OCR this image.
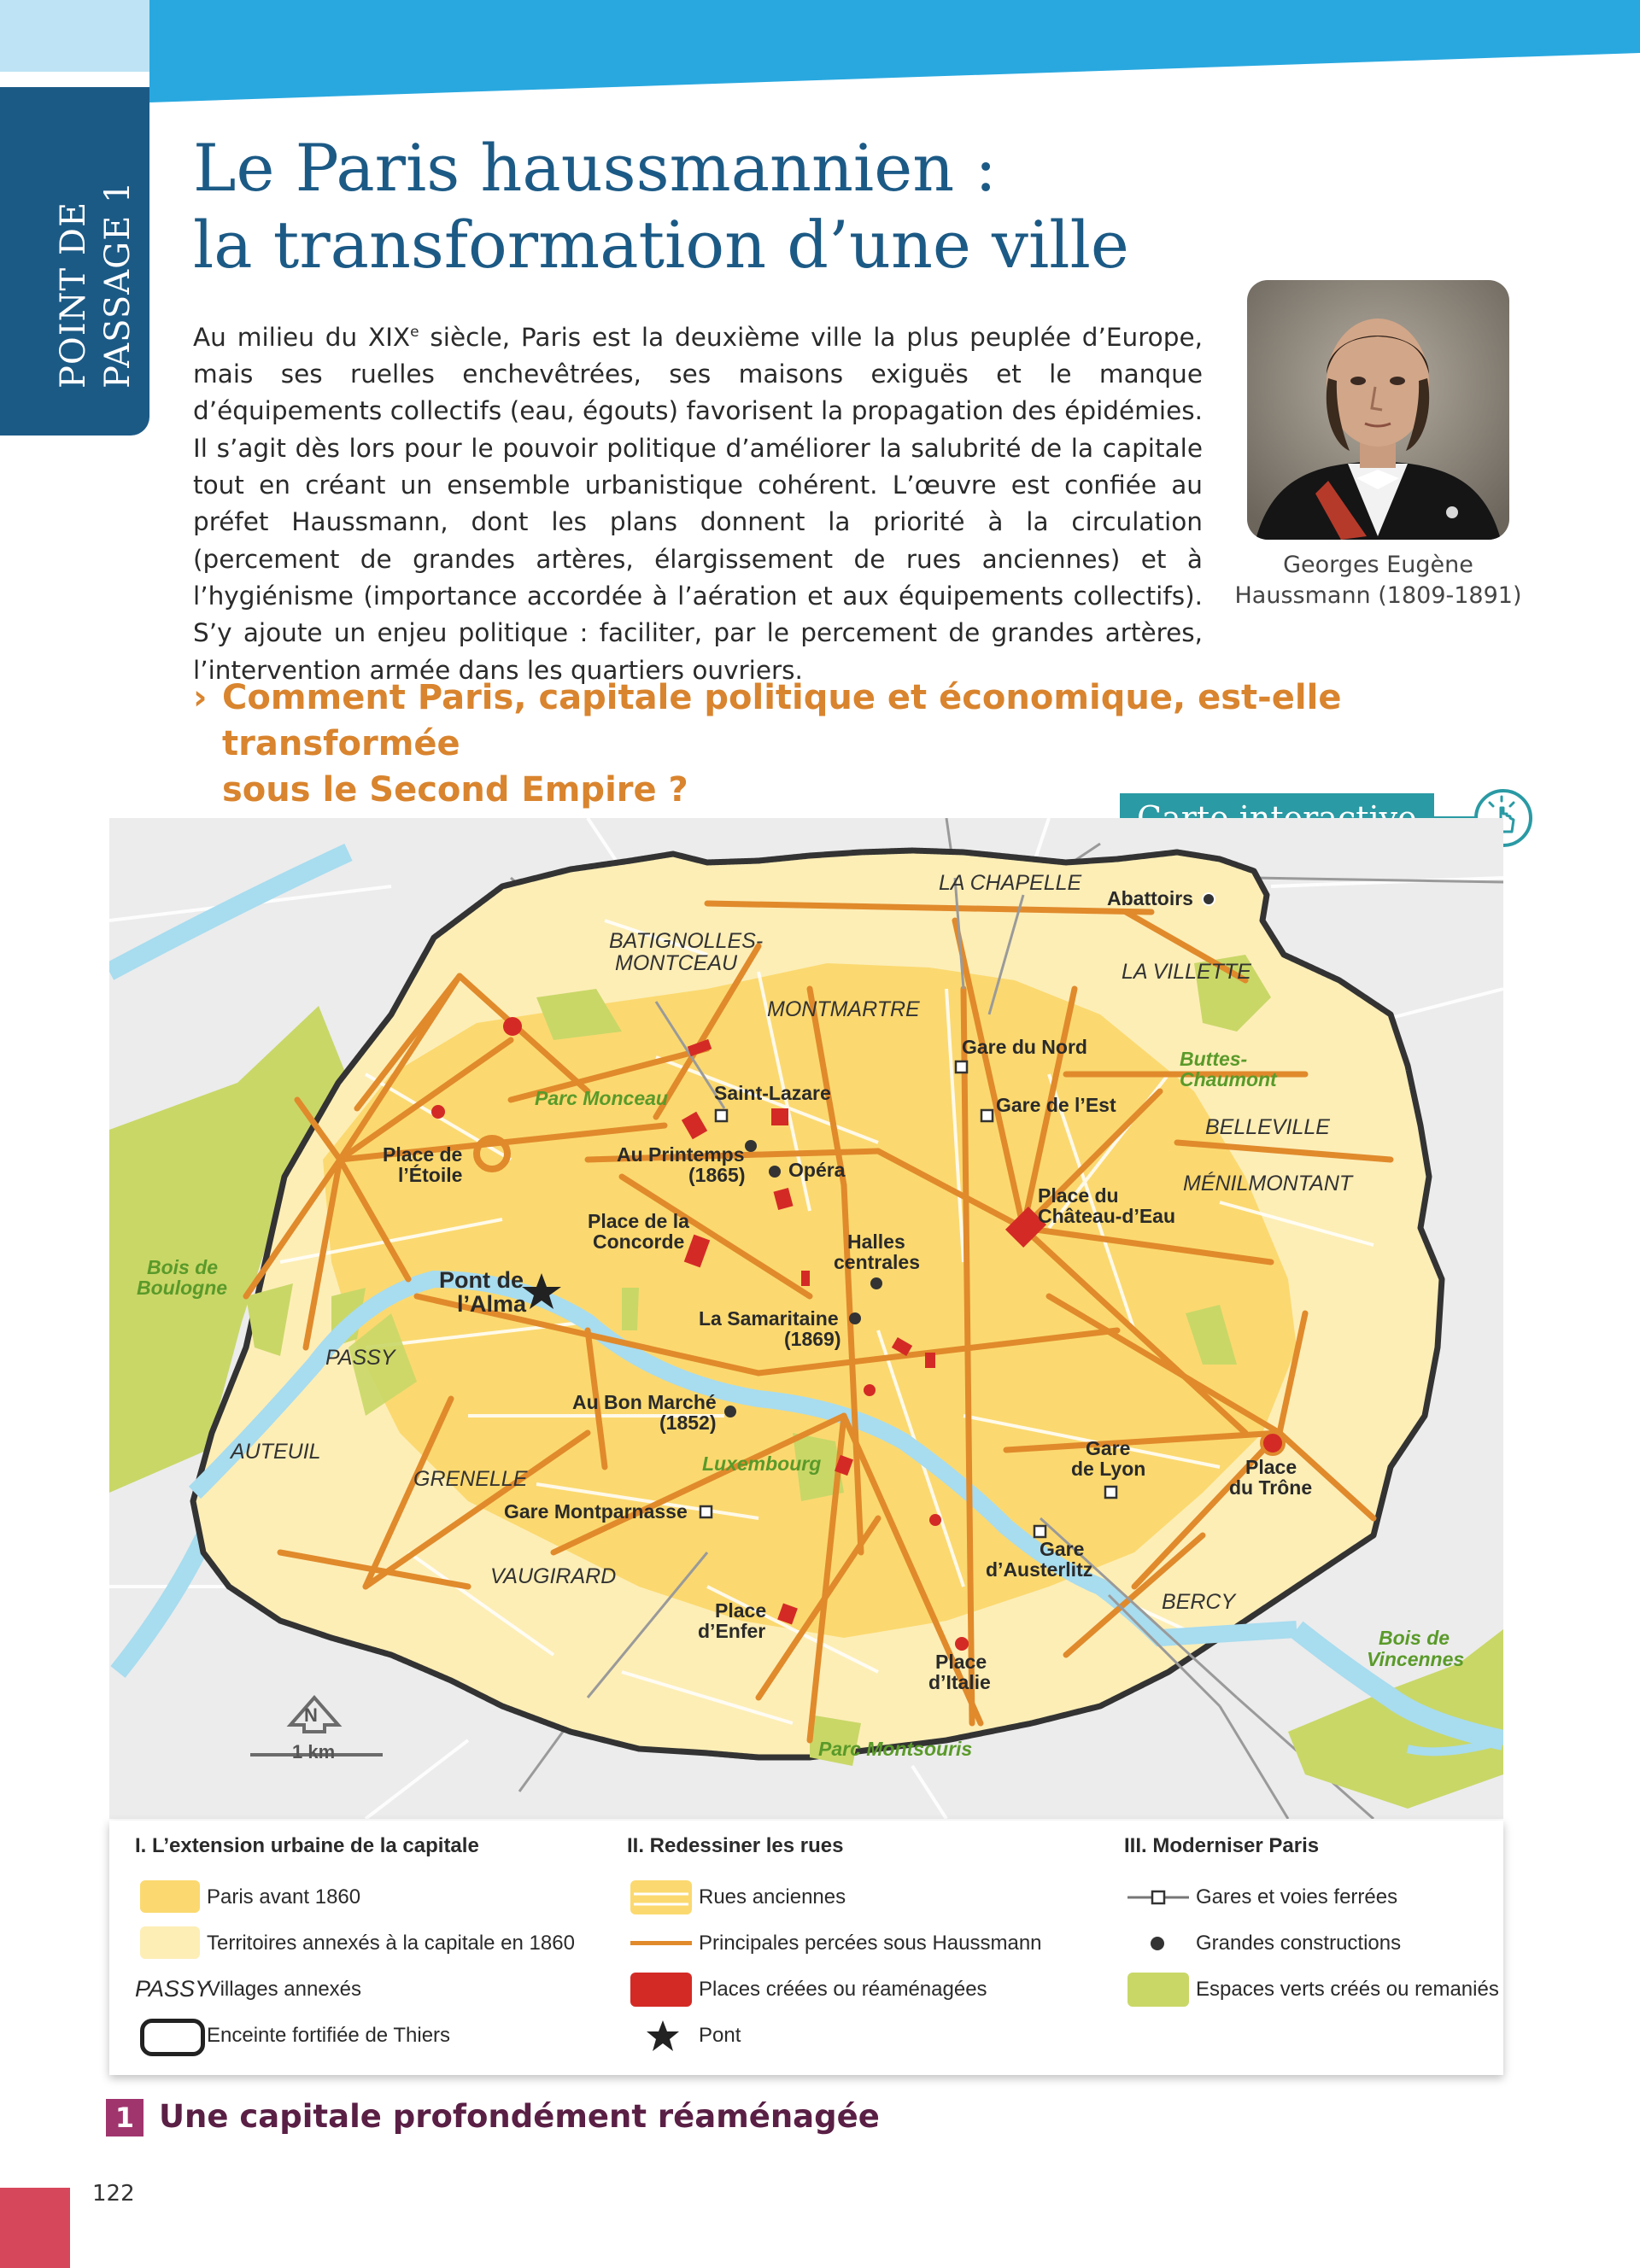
POINT DE PASSAGE 1
Le Paris haussmannien :
la transformation d’une ville

Au milieu du XIXe siècle, Paris est la deuxième ville la plus peuplée d’Europe, mais ses ruelles enchevêtrées, ses maisons exiguës et le manque d’équipements collectifs (eau, égouts) favorisent la propagation des épidémies. Il s’agit dès lors pour le pouvoir politique d’améliorer la salubrité de la capitale tout en créant un ensemble urbanistique cohérent. L’œuvre est confiée au préfet Haussmann, dont les plans donnent la priorité à la circulation (percement de grandes artères, élargissement de rues anciennes) et à l’hygiénisme (importance accordée à l’aération et aux équipements collectifs). S’y ajoute un enjeu politique : faciliter, par le percement de grandes artères, l’intervention armée dans les quartiers ouvriers.

Georges Eugène
Haussmann (1809-1891)
› Comment Paris, capitale politique et économique, est-elle transformée
sous le Second Empire ?
LA CHAPELLE
BATIGNOLLES-
MONTCEAU
MONTMARTRE
LA VILLETTE
BELLEVILLE
MÉNILMONTANT
PASSY
AUTEUIL
GRENELLE
VAUGIRARD
BERCY
Parc Monceau
Buttes-
Chaumont
Bois de
Boulogne
Luxembourg
Bois de
Vincennes
Parc Montsouris
Abattoirs
Gare du Nord
Saint-Lazare
Gare de l’Est
Place de
l’Étoile
Au Printemps
(1865) Opéra
Place du
Château-d’Eau
Place de la
Concorde	Halles
centrales
Pont de
l’Alma
La Samaritaine
(1869)
Au Bon Marché
(1852)
Gare
de Lyon	Place
du Trône
Gare Montparnasse
Gare
d’Austerlitz
Place
d’Enfer
Place
d’Italie
N
1 km
I. L’extension urbaine de la capitale
Paris avant 1860
Territoires annexés à la capitale en 1860
PASSY
Villages annexés
Enceinte fortifiée de Thiers
II. Redessiner les rues
Rues anciennes
Principales percées sous Haussmann
Places créées ou réaménagées
Pont
III. Moderniser Paris
Gares et voies ferrées
Grandes constructions
Espaces verts créés ou remaniés
1 Une capitale profondément réaménagée
122
